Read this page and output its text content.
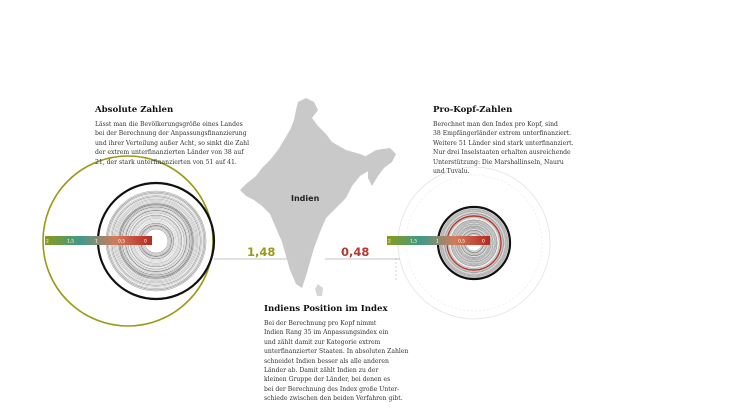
2	1,5	1	0,5	0	2	1,5	1	0,5	0
Indien
1,48	0,48
Absolute Zahlen
Lässt man die Bevölkerungsgröße eines Landes
bei der Berechnung der Anpassungsfinanzierung
und ihrer Verteilung außer Acht, so sinkt die Zahl
der extrem unterfinanzierten Länder von 38 auf
21, der stark unterfinanzierten von 51 auf 41.
Pro-Kopf-Zahlen
Berechnet man den Index pro Kopf, sind
38 Empfängerländer extrem unterfinanziert.
Weitere 51 Länder sind stark unterfinanziert.
Nur drei Inselstaaten erhalten ausreichende
Unterstützung: Die Marshallinseln, Nauru
und Tuvalu.
Indiens Position im Index
Bei der Berechnung pro Kopf nimmt
Indien Rang 35 im Anpassungsindex ein
und zählt damit zur Kategorie extrem
unterfinanzierter Staaten. In absoluten Zahlen
schneidet Indien besser als alle anderen
Länder ab. Damit zählt Indien zu der
kleinen Gruppe der Länder, bei denen es
bei der Berechnung des Index große Unter-
schiede zwischen den beiden Verfahren gibt.
